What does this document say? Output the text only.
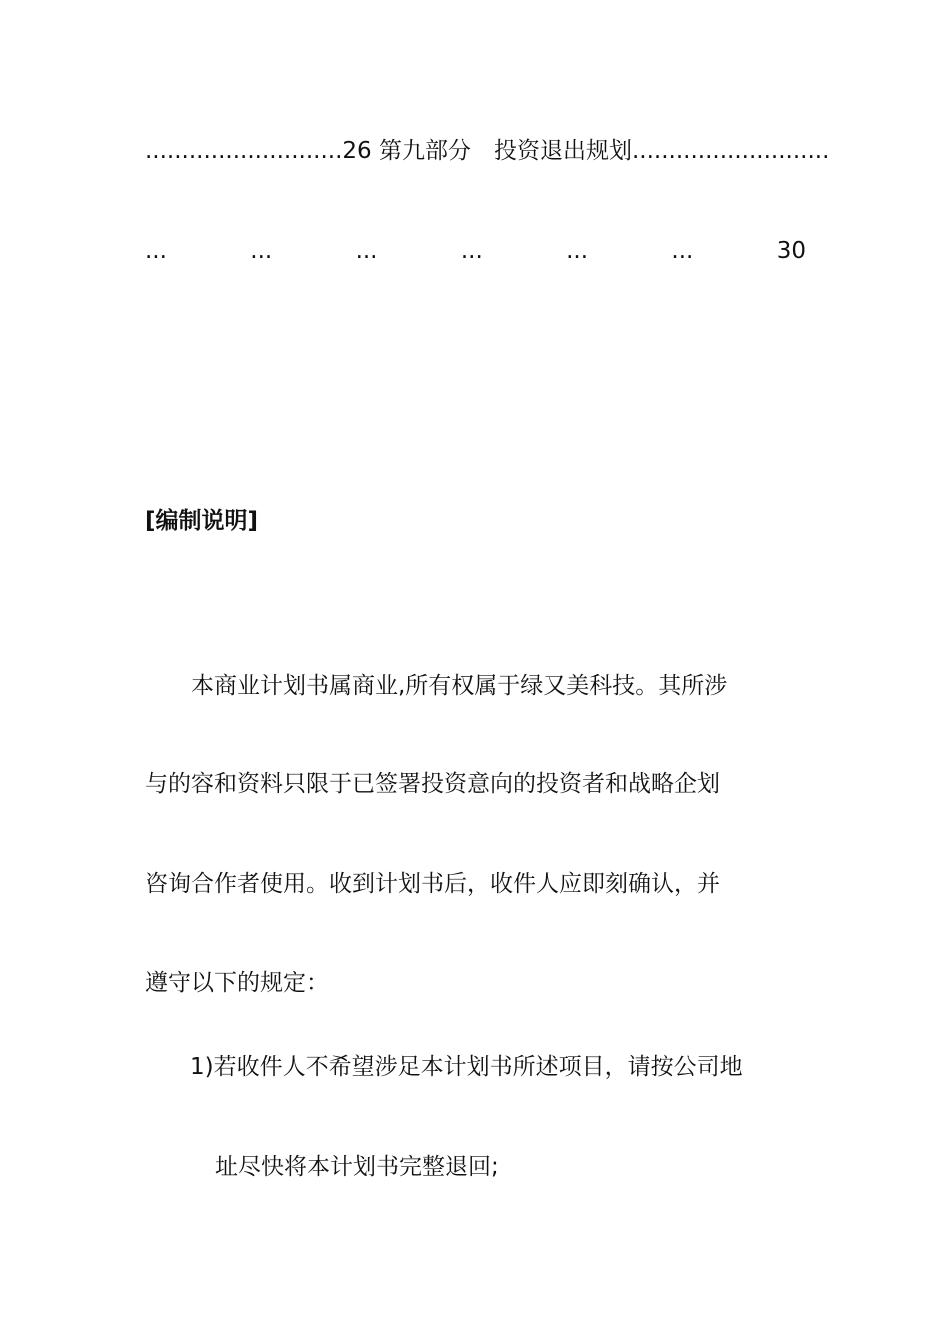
........................... 26 第九部分　投资退出规划 ...........................
...	...	...	...	...	...	30
[编制说明]
　　本商业计划书属商业,所有权属于绿又美科技。其所涉
与的容和资料只限于已签署投资意向的投资者和战略企划
咨询合作者使用。收到计划书后，收件人应即刻确认，并
遵守以下的规定：
1)若收件人不希望涉足本计划书所述项目，请按公司地
址尽快将本计划书完整退回;
